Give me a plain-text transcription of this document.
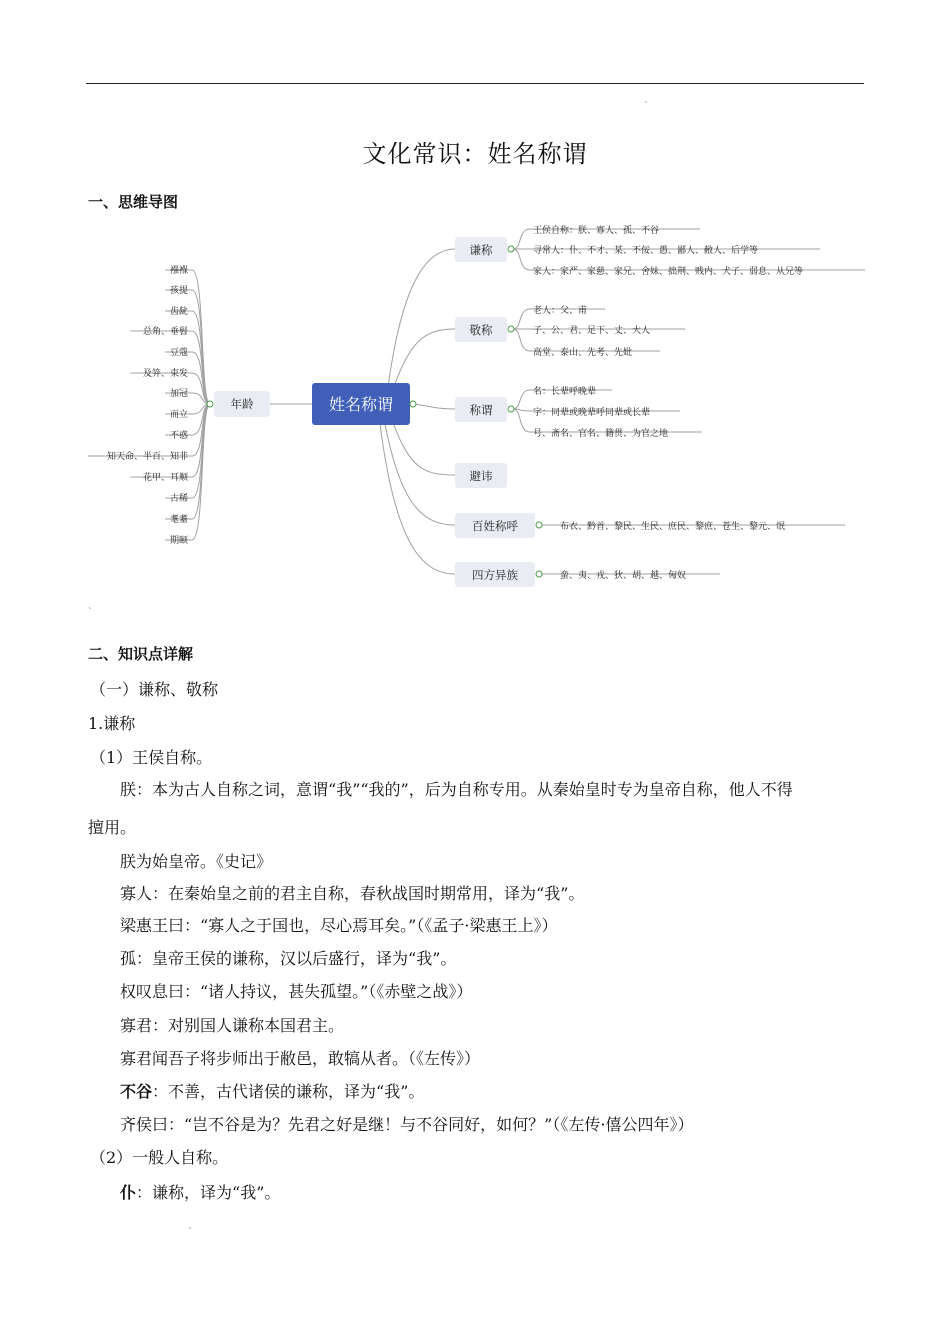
˛
文化常识：姓名称谓
一、思维导图
姓名称谓
年龄
襁褓
孩提
齿龀
总角、垂髫
豆蔻
及笄、束发
加冠
而立
不惑
知天命、半百、知非
花甲、耳顺
古稀
耄耋
期颐
谦称
敬称
称谓
避讳
百姓称呼
四方异族
王侯自称：朕、寡人、孤、不谷
寻常人：仆、不才、某、不佞、愚、鄙人、敝人、后学等
家人：家严、家慈、家兄、舍妹、拙荆、贱内、犬子、弱息、从兄等
老人：父、甫
子、公、君、足下、丈、大人
高堂、泰山、先考、先妣
名：长辈呼晚辈
字：同辈或晚辈呼同辈或长辈
号、斋名、官名、籍贯、为官之地
布衣、黔首、黎民、生民、庶民、黎庶、苍生、黎元、氓
蛮、夷、戎、狄、胡、越、匈奴
˛
二、知识点详解
（一）谦称、敬称
1.谦称
（1）王侯自称。
朕：本为古人自称之词，意谓“我”“我的”，后为自称专用。从秦始皇时专为皇帝自称，他人不得
擅用。
朕为始皇帝。《史记》
寡人：在秦始皇之前的君主自称，春秋战国时期常用，译为“我”。
梁惠王曰：“寡人之于国也，尽心焉耳矣。”（《孟子·梁惠王上》）
孤：皇帝王侯的谦称，汉以后盛行，译为“我”。
权叹息曰：“诸人持议，甚失孤望。”（《赤壁之战》）
寡君：对别国人谦称本国君主。
寡君闻吾子将步师出于敝邑，敢犒从者。（《左传》）
不谷：不善，古代诸侯的谦称，译为“我”。
齐侯曰：“岂不谷是为？先君之好是继！与不谷同好，如何？”（《左传·僖公四年》）
（2）一般人自称。
仆：谦称，译为“我”。
˛
